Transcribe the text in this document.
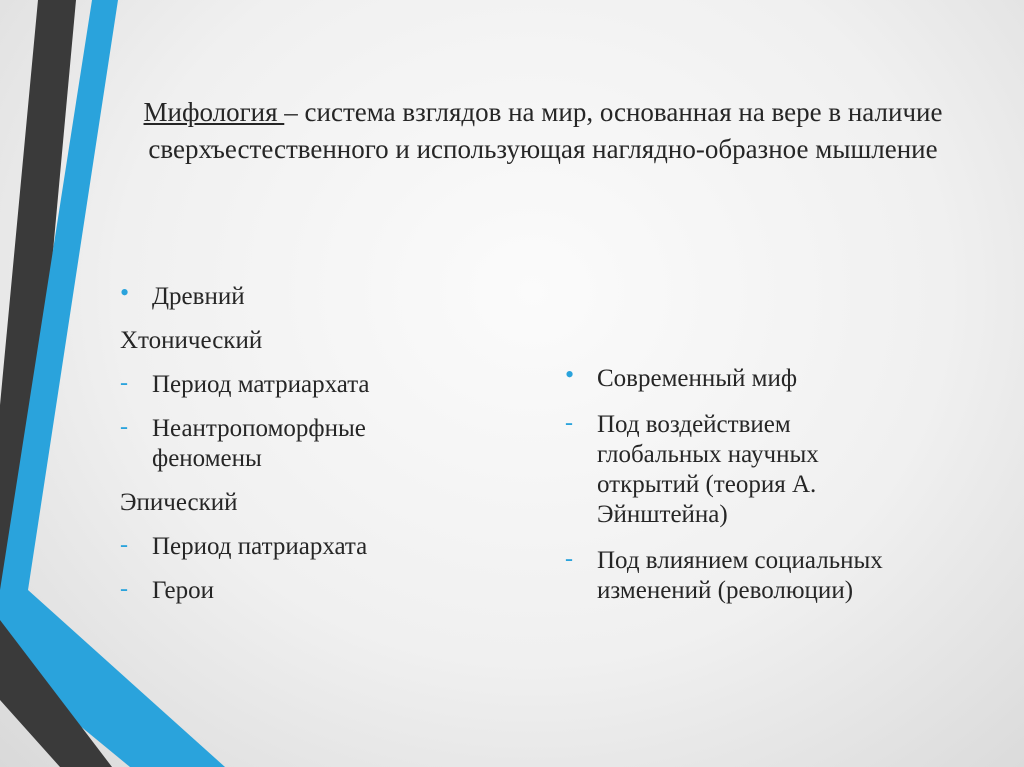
Мифология – система взглядов на мир, основанная на вере в наличие сверхъестественного и использующая наглядно-образное мышление
• Древний
Хтонический
- Период матриархата
- Неантропоморфные феномены
Эпический
- Период патриархата
- Герои
• Современный миф
- Под воздействием глобальных научных открытий (теория А. Эйнштейна)
- Под влиянием социальных изменений (революции)
